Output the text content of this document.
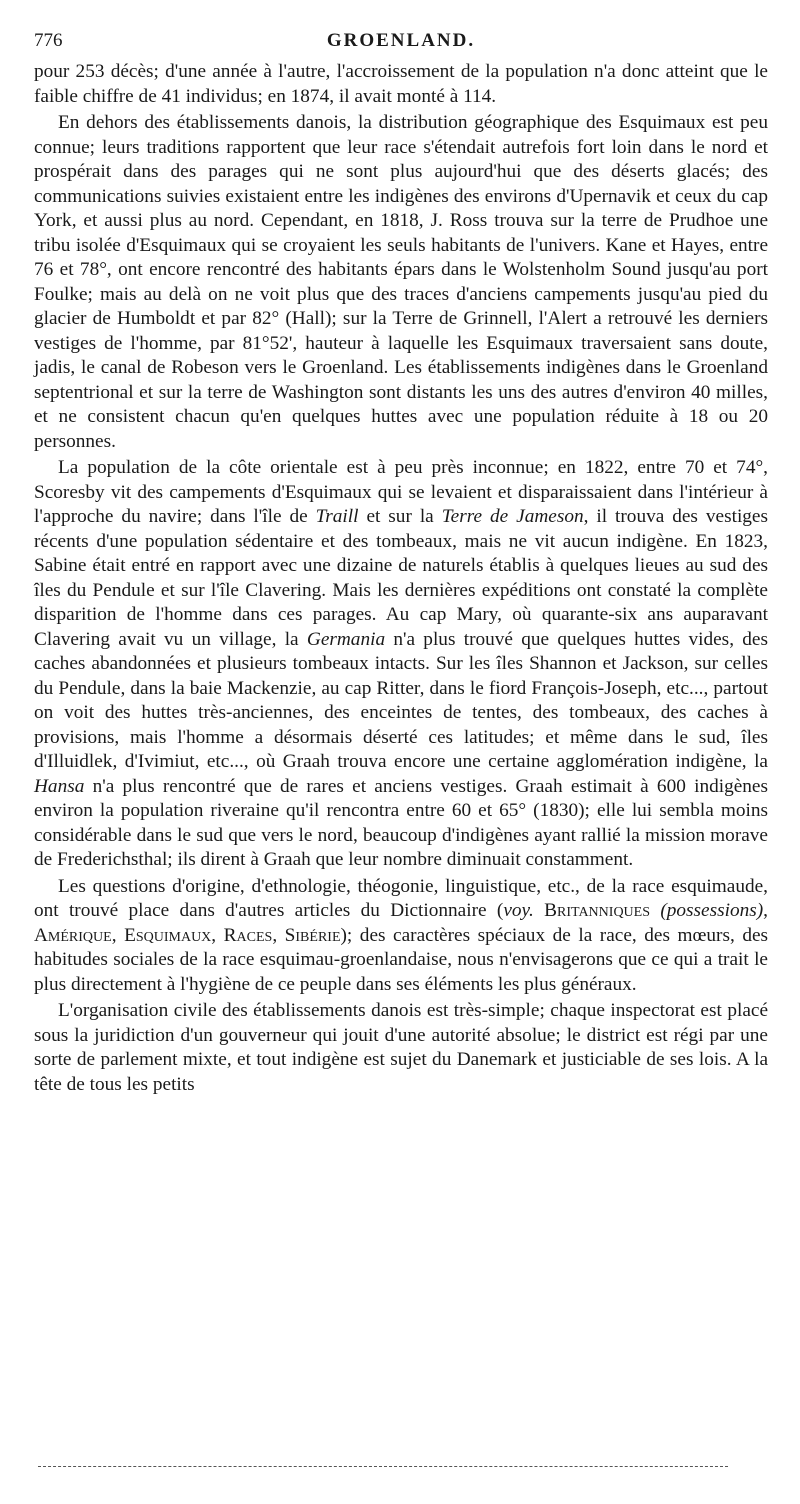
776	GROENLAND.

pour 253 décès; d'une année à l'autre, l'accroissement de la population n'a donc atteint que le faible chiffre de 41 individus; en 1874, il avait monté à 114.

En dehors des établissements danois, la distribution géographique des Esquimaux est peu connue; leurs traditions rapportent que leur race s'étendait autrefois fort loin dans le nord et prospérait dans des parages qui ne sont plus aujourd'hui que des déserts glacés; des communications suivies existaient entre les indigènes des environs d'Upernavik et ceux du cap York, et aussi plus au nord. Cependant, en 1818, J. Ross trouva sur la terre de Prudhoe une tribu isolée d'Esquimaux qui se croyaient les seuls habitants de l'univers. Kane et Hayes, entre 76 et 78°, ont encore rencontré des habitants épars dans le Wolstenholm Sound jusqu'au port Foulke; mais au delà on ne voit plus que des traces d'anciens campements jusqu'au pied du glacier de Humboldt et par 82° (Hall); sur la Terre de Grinnell, l'Alert a retrouvé les derniers vestiges de l'homme, par 81°52', hauteur à laquelle les Esquimaux traversaient sans doute, jadis, le canal de Robeson vers le Groenland. Les établissements indigènes dans le Groenland septentrional et sur la terre de Washington sont distants les uns des autres d'environ 40 milles, et ne consistent chacun qu'en quelques huttes avec une population réduite à 18 ou 20 personnes.

La population de la côte orientale est à peu près inconnue; en 1822, entre 70 et 74°, Scoresby vit des campements d'Esquimaux qui se levaient et disparaissaient dans l'intérieur à l'approche du navire; dans l'île de Traill et sur la Terre de Jameson, il trouva des vestiges récents d'une population sédentaire et des tombeaux, mais ne vit aucun indigène. En 1823, Sabine était entré en rapport avec une dizaine de naturels établis à quelques lieues au sud des îles du Pendule et sur l'île Clavering. Mais les dernières expéditions ont constaté la complète disparition de l'homme dans ces parages. Au cap Mary, où quarante-six ans auparavant Clavering avait vu un village, la Germania n'a plus trouvé que quelques huttes vides, des caches abandonnées et plusieurs tombeaux intacts. Sur les îles Shannon et Jackson, sur celles du Pendule, dans la baie Mackenzie, au cap Ritter, dans le fiord François-Joseph, etc..., partout on voit des huttes très-anciennes, des enceintes de tentes, des tombeaux, des caches à provisions, mais l'homme a désormais déserté ces latitudes; et même dans le sud, îles d'Illuidlek, d'Ivimiut, etc..., où Graah trouva encore une certaine agglomération indigène, la Hansa n'a plus rencontré que de rares et anciens vestiges. Graah estimait à 600 indigènes environ la population riveraine qu'il rencontra entre 60 et 65° (1830); elle lui sembla moins considérable dans le sud que vers le nord, beaucoup d'indigènes ayant rallié la mission morave de Frederichsthal; ils dirent à Graah que leur nombre diminuait constamment.

Les questions d'origine, d'ethnologie, théogonie, linguistique, etc., de la race esquimaude, ont trouvé place dans d'autres articles du Dictionnaire (voy. Britanniques (possessions), Amérique, Esquimaux, Races, Sibérie); des caractères spéciaux de la race, des mœurs, des habitudes sociales de la race esquimau-groenlandaise, nous n'envisagerons que ce qui a trait le plus directement à l'hygiène de ce peuple dans ses éléments les plus généraux.

L'organisation civile des établissements danois est très-simple; chaque inspectorat est placé sous la juridiction d'un gouverneur qui jouit d'une autorité absolue; le district est régi par une sorte de parlement mixte, et tout indigène est sujet du Danemark et justiciable de ses lois. A la tête de tous les petits
